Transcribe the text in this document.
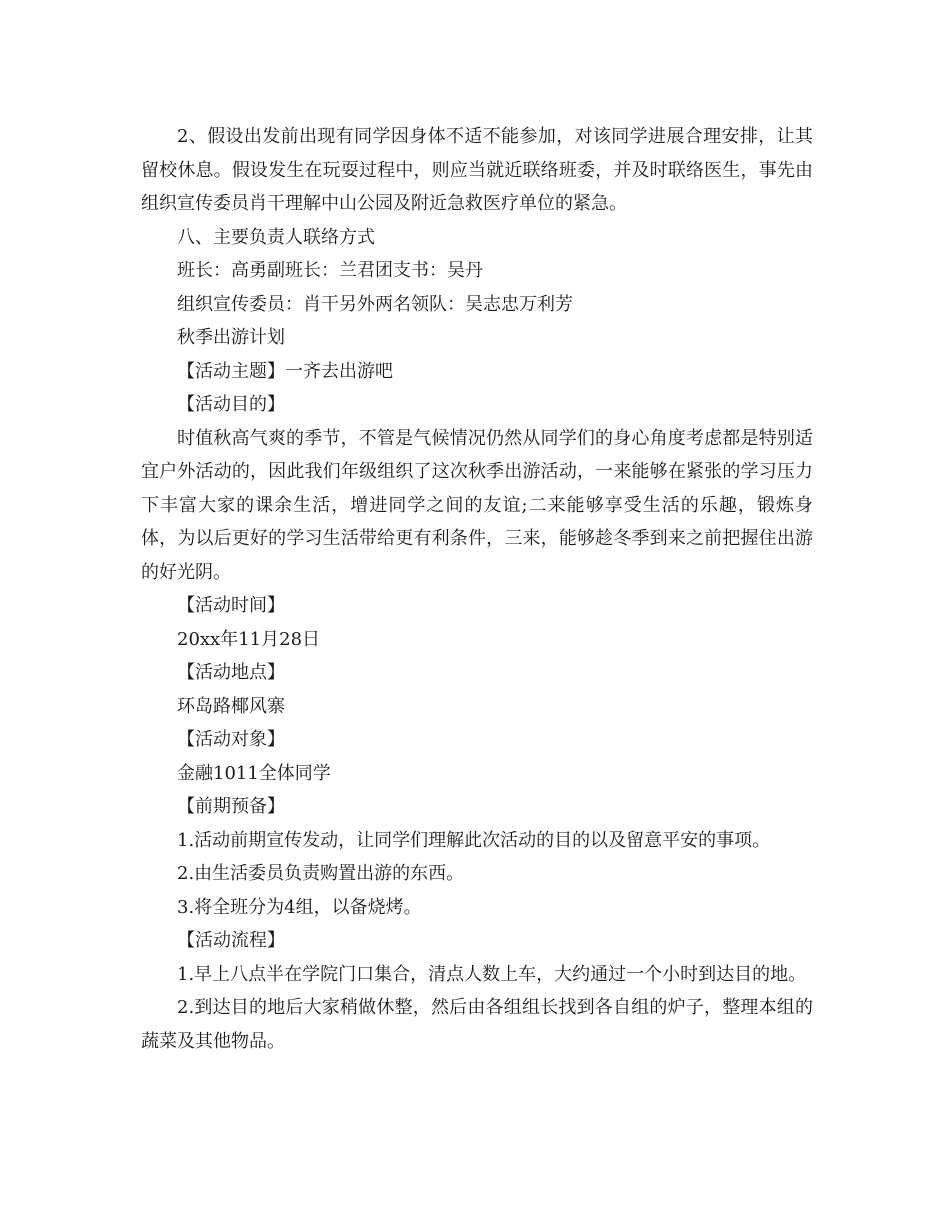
2、假设出发前出现有同学因身体不适不能参加，对该同学进展合理安排，让其留校休息。假设发生在玩耍过程中，则应当就近联络班委，并及时联络医生，事先由组织宣传委员肖干理解中山公园及附近急救医疗单位的紧急。

八、主要负责人联络方式

班长：高勇副班长：兰君团支书：吴丹

组织宣传委员：肖干另外两名领队：吴志忠万利芳

秋季出游计划

【活动主题】一齐去出游吧

【活动目的】

时值秋高气爽的季节，不管是气候情况仍然从同学们的身心角度考虑都是特别适宜户外活动的，因此我们年级组织了这次秋季出游活动，一来能够在紧张的学习压力下丰富大家的课余生活，增进同学之间的友谊;二来能够享受生活的乐趣，锻炼身体，为以后更好的学习生活带给更有利条件，三来，能够趁冬季到来之前把握住出游的好光阴。

【活动时间】

20xx年11月28日

【活动地点】

环岛路椰风寨

【活动对象】

金融1011全体同学

【前期预备】

1.活动前期宣传发动，让同学们理解此次活动的目的以及留意平安的事项。

2.由生活委员负责购置出游的东西。

3.将全班分为4组，以备烧烤。

【活动流程】

1.早上八点半在学院门口集合，清点人数上车，大约通过一个小时到达目的地。

2.到达目的地后大家稍做休整，然后由各组组长找到各自组的炉子，整理本组的蔬菜及其他物品。
